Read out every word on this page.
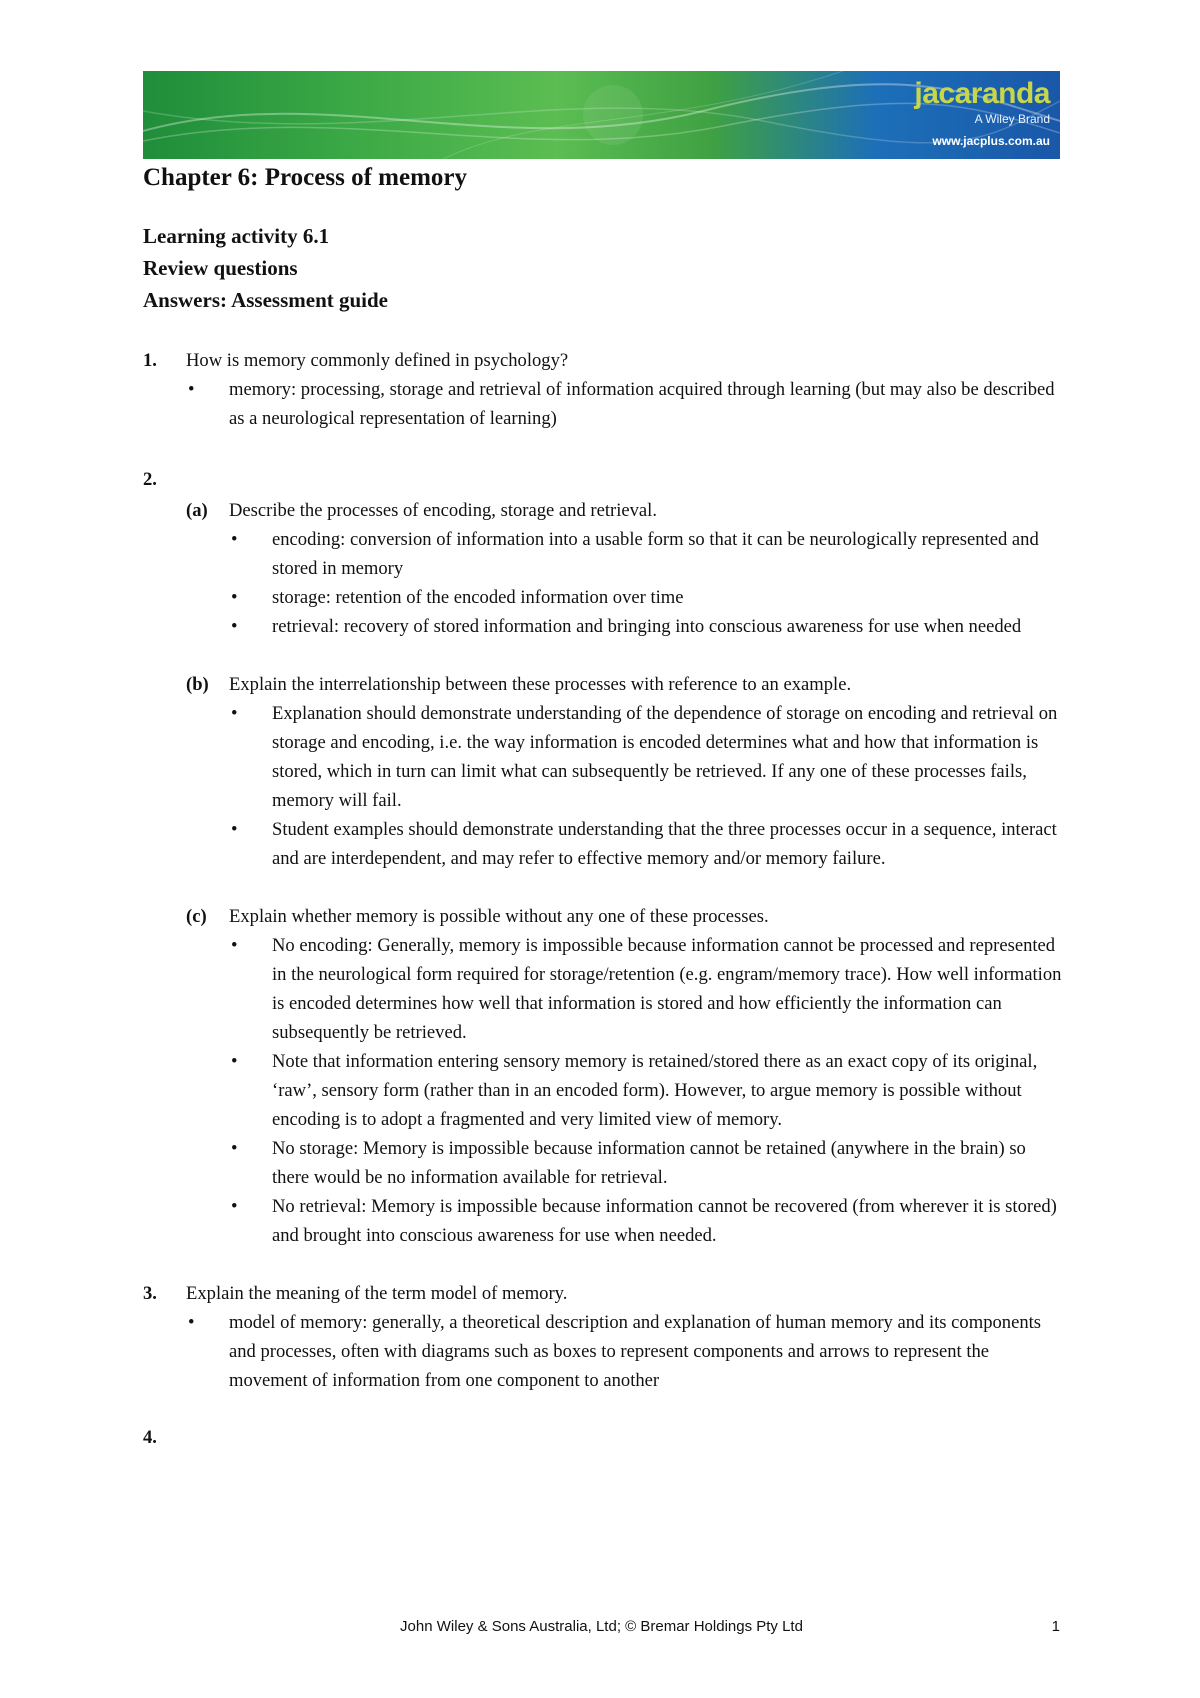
jacaranda
A Wiley Brand
www.jacplus.com.au
Chapter 6: Process of memory
Learning activity 6.1
Review questions
Answers: Assessment guide
1. How is memory commonly defined in psychology?
• memory: processing, storage and retrieval of information acquired through learning (but may also be described as a neurological representation of learning)
2.

(a) Describe the processes of encoding, storage and retrieval.
• encoding: conversion of information into a usable form so that it can be neurologically represented and stored in memory
• storage: retention of the encoded information over time
• retrieval: recovery of stored information and bringing into conscious awareness for use when needed
(b) Explain the interrelationship between these processes with reference to an example.
• Explanation should demonstrate understanding of the dependence of storage on encoding and retrieval on storage and encoding, i.e. the way information is encoded determines what and how that information is stored, which in turn can limit what can subsequently be retrieved. If any one of these processes fails, memory will fail.
• Student examples should demonstrate understanding that the three processes occur in a sequence, interact and are interdependent, and may refer to effective memory and/or memory failure.
(c) Explain whether memory is possible without any one of these processes.
• No encoding: Generally, memory is impossible because information cannot be processed and represented in the neurological form required for storage/retention (e.g. engram/memory trace). How well information is encoded determines how well that information is stored and how efficiently the information can subsequently be retrieved.
• Note that information entering sensory memory is retained/stored there as an exact copy of its original, ‘raw’, sensory form (rather than in an encoded form). However, to argue memory is possible without encoding is to adopt a fragmented and very limited view of memory.
• No storage: Memory is impossible because information cannot be retained (anywhere in the brain) so there would be no information available for retrieval.
• No retrieval: Memory is impossible because information cannot be recovered (from wherever it is stored) and brought into conscious awareness for use when needed.
3. Explain the meaning of the term model of memory.
• model of memory: generally, a theoretical description and explanation of human memory and its components and processes, often with diagrams such as boxes to represent components and arrows to represent the movement of information from one component to another
4.

John Wiley & Sons Australia, Ltd; © Bremar Holdings Pty Ltd	1
